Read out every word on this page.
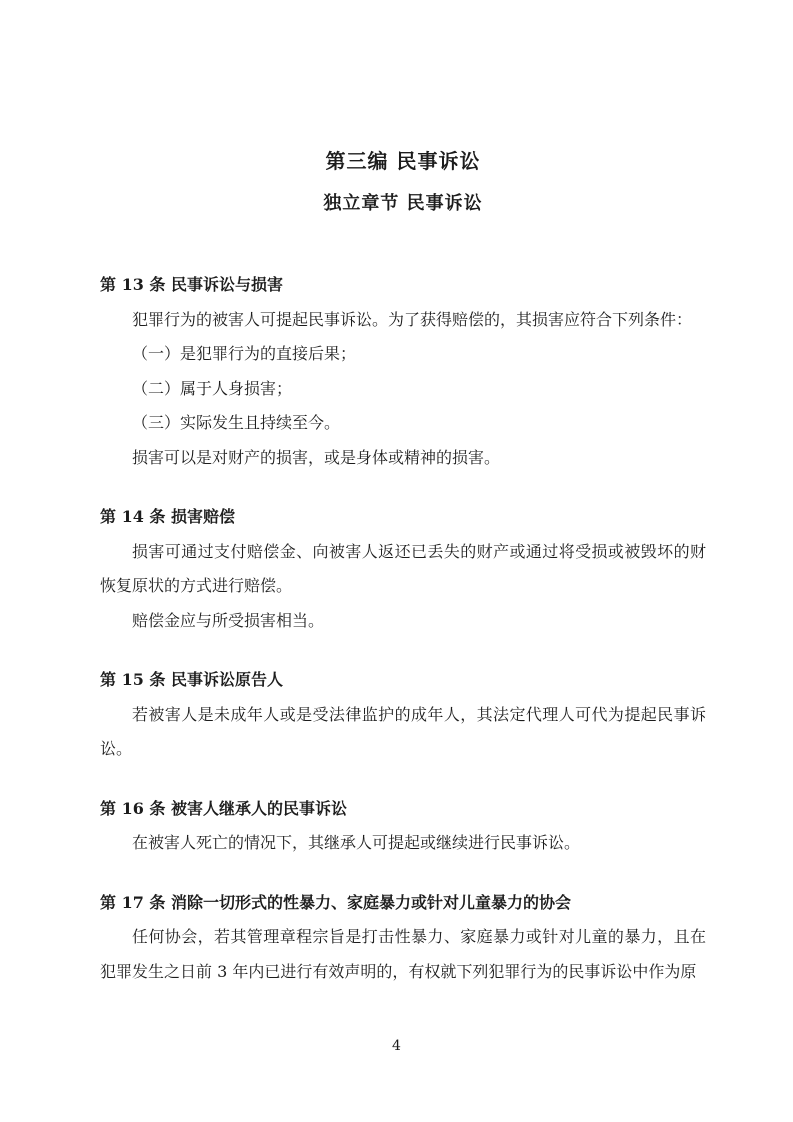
第三编 民事诉讼
独立章节 民事诉讼
第 13 条 民事诉讼与损害

犯罪行为的被害人可提起民事诉讼。为了获得赔偿的，其损害应符合下列条件：

（一）是犯罪行为的直接后果；

（二）属于人身损害；

（三）实际发生且持续至今。

损害可以是对财产的损害，或是身体或精神的损害。

第 14 条 损害赔偿

损害可通过支付赔偿金、向被害人返还已丢失的财产或通过将受损或被毁坏的财恢复原状的方式进行赔偿。

赔偿金应与所受损害相当。

第 15 条 民事诉讼原告人

若被害人是未成年人或是受法律监护的成年人，其法定代理人可代为提起民事诉讼。

第 16 条 被害人继承人的民事诉讼

在被害人死亡的情况下，其继承人可提起或继续进行民事诉讼。

第 17 条 消除一切形式的性暴力、家庭暴力或针对儿童暴力的协会

任何协会，若其管理章程宗旨是打击性暴力、家庭暴力或针对儿童的暴力，且在犯罪发生之日前 3 年内已进行有效声明的，有权就下列犯罪行为的民事诉讼中作为原

4
